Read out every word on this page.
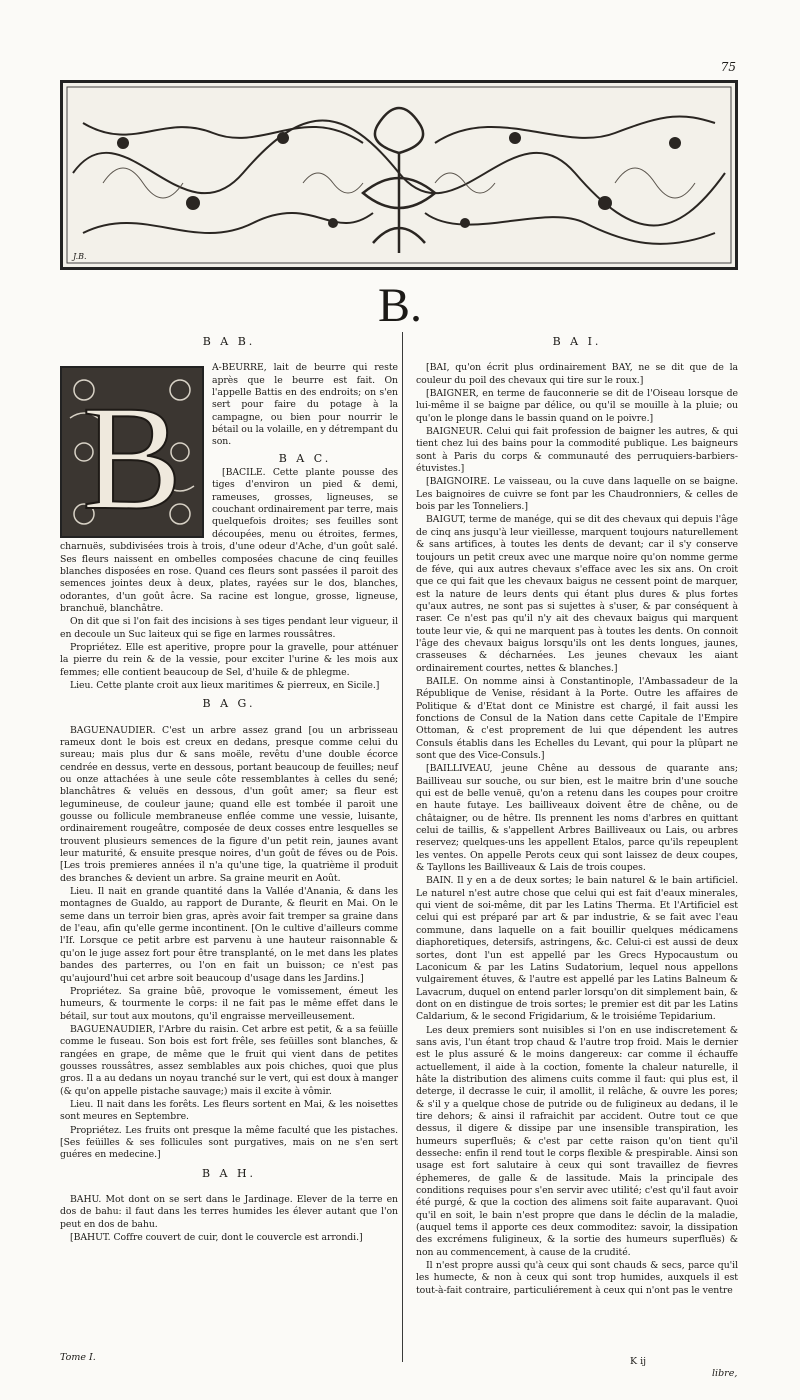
75
J.B.
B.
B A B.
B

A-BEURRE, lait de beurre qui reste après que le beurre est fait. On l'appelle Battis en des endroits; on s'en sert pour faire du potage à la campagne, ou bien pour nourrir le bétail ou la volaille, en y détrempant du son.

B A C.

[BACILE. Cette plante pousse des tiges d'environ un pied & demi, rameuses, grosses, ligneuses, se couchant ordinairement par terre, mais quelquefois droites; ses feuilles sont découpées, menu ou étroites, fermes, charnuës, subdivisées trois à trois, d'une odeur d'Ache, d'un goût salé. Ses fleurs naissent en ombelles composées chacune de cinq feuilles blanches disposées en rose. Quand ces fleurs sont passées il paroit des semences jointes deux à deux, plates, rayées sur le dos, blanches, odorantes, d'un goût âcre. Sa racine est longue, grosse, ligneuse, branchuë, blanchâtre.

On dit que si l'on fait des incisions à ses tiges pendant leur vigueur, il en decoule un Suc laiteux qui se fige en larmes roussâtres.

Propriétez. Elle est aperitive, propre pour la gravelle, pour atténuer la pierre du rein & de la vessie, pour exciter l'urine & les mois aux femmes; elle contient beaucoup de Sel, d'huile & de phlegme.

Lieu. Cette plante croit aux lieux maritimes & pierreux, en Sicile.]

B A G.

BAGUENAUDIER. C'est un arbre assez grand [ou un arbrisseau rameux dont le bois est creux en dedans, presque comme celui du sureau; mais plus dur & sans moële, revêtu d'une double écorce cendrée en dessus, verte en dessous, portant beaucoup de feuilles; neuf ou onze attachées à une seule côte ressemblantes à celles du sené; blanchâtres & veluës en dessous, d'un goût amer; sa fleur est legumineuse, de couleur jaune; quand elle est tombée il paroit une gousse ou follicule membraneuse enflée comme une vessie, luisante, ordinairement rougeâtre, composée de deux cosses entre lesquelles se trouvent plusieurs semences de la figure d'un petit rein, jaunes avant leur maturité, & ensuite presque noires, d'un goût de féves ou de Pois. [Les trois premieres années il n'a qu'une tige, la quatrième il produit des branches & devient un arbre. Sa graine meurit en Août.

Lieu. Il nait en grande quantité dans la Vallée d'Anania, & dans les montagnes de Gualdo, au rapport de Durante, & fleurit en Mai. On le seme dans un terroir bien gras, après avoir fait tremper sa graine dans de l'eau, afin qu'elle germe incontinent. [On le cultive d'ailleurs comme l'If. Lorsque ce petit arbre est parvenu à une hauteur raisonnable & qu'on le juge assez fort pour être transplanté, on le met dans les plates bandes des parterres, ou l'on en fait un buisson; ce n'est pas qu'aujourd'hui cet arbre soit beaucoup d'usage dans les Jardins.]

Propriétez. Sa graine bûë, provoque le vomissement, émeut les humeurs, & tourmente le corps: il ne fait pas le même effet dans le bétail, sur tout aux moutons, qu'il engraisse merveilleusement.

BAGUENAUDIER, l'Arbre du raisin. Cet arbre est petit, & a sa feüille comme le fuseau. Son bois est fort frêle, ses feüilles sont blanches, & rangées en grape, de même que le fruit qui vient dans de petites gousses roussâtres, assez semblables aux pois chiches, quoi que plus gros. Il a au dedans un noyau tranché sur le vert, qui est doux à manger (& qu'on appelle pistache sauvage;) mais il excite à vômir.

Lieu. Il nait dans les forêts. Les fleurs sortent en Mai, & les noisettes sont meures en Septembre.

Propriétez. Les fruits ont presque la même faculté que les pistaches. [Ses feüilles & ses follicules sont purgatives, mais on ne s'en sert guéres en medecine.]

B A H.

BAHU. Mot dont on se sert dans le Jardinage. Elever de la terre en dos de bahu: il faut dans les terres humides les élever autant que l'on peut en dos de bahu.

[BAHUT. Coffre couvert de cuir, dont le couvercle est arrondi.]

B A I.

[BAI, qu'on écrit plus ordinairement BAY, ne se dit que de la couleur du poil des chevaux qui tire sur le roux.]

[BAIGNER, en terme de fauconnerie se dit de l'Oiseau lorsque de lui-même il se baigne par délice, ou qu'il se mouille à la pluie; ou qu'on le plonge dans le bassin quand on le poivre.]

BAIGNEUR. Celui qui fait profession de baigner les autres, & qui tient chez lui des bains pour la commodité publique. Les baigneurs sont à Paris du corps & communauté des perruquiers-barbiers-étuvistes.]

[BAIGNOIRE. Le vaisseau, ou la cuve dans laquelle on se baigne. Les baignoires de cuivre se font par les Chaudronniers, & celles de bois par les Tonneliers.]

BAIGUT, terme de manége, qui se dit des chevaux qui depuis l'âge de cinq ans jusqu'à leur vieillesse, marquent toujours naturellement & sans artifices, à toutes les dents de devant; car il s'y conserve toujours un petit creux avec une marque noire qu'on nomme germe de féve, qui aux autres chevaux s'efface avec les six ans. On croit que ce qui fait que les chevaux baigus ne cessent point de marquer, est la nature de leurs dents qui étant plus dures & plus fortes qu'aux autres, ne sont pas si sujettes à s'user, & par conséquent à raser. Ce n'est pas qu'il n'y ait des chevaux baigus qui marquent toute leur vie, & qui ne marquent pas à toutes les dents. On connoit l'âge des chevaux baigus lorsqu'ils ont les dents longues, jaunes, crasseuses & décharnées. Les jeunes chevaux les aiant ordinairement courtes, nettes & blanches.]

BAILE. On nomme ainsi à Constantinople, l'Ambassadeur de la République de Venise, résidant à la Porte. Outre les affaires de Politique & d'Etat dont ce Ministre est chargé, il fait aussi les fonctions de Consul de la Nation dans cette Capitale de l'Empire Ottoman, & c'est proprement de lui que dépendent les autres Consuls établis dans les Echelles du Levant, qui pour la plûpart ne sont que des Vice-Consuls.]

[BAILLIVEAU, jeune Chêne au dessous de quarante ans; Bailliveau sur souche, ou sur bien, est le maitre brin d'une souche qui est de belle venuë, qu'on a retenu dans les coupes pour croitre en haute futaye. Les bailliveaux doivent être de chêne, ou de châtaigner, ou de hêtre. Ils prennent les noms d'arbres en quittant celui de taillis, & s'appellent Arbres Bailliveaux ou Lais, ou arbres reservez; quelques-uns les appellent Etalos, parce qu'ils repeuplent les ventes. On appelle Perots ceux qui sont laissez de deux coupes, & Tayllons les Bailliveaux & Lais de trois coupes.

BAIN. Il y en a de deux sortes; le bain naturel & le bain artificiel. Le naturel n'est autre chose que celui qui est fait d'eaux minerales, qui vient de soi-même, dit par les Latins Therma. Et l'Artificiel est celui qui est préparé par art & par industrie, & se fait avec l'eau commune, dans laquelle on a fait bouillir quelques médicamens diaphoretiques, detersifs, astringens, &c. Celui-ci est aussi de deux sortes, dont l'un est appellé par les Grecs Hypocaustum ou Laconicum & par les Latins Sudatorium, lequel nous appellons vulgairement étuves, & l'autre est appellé par les Latins Balneum & Lavacrum, duquel on entend parler lorsqu'on dit simplement bain, & dont on en distingue de trois sortes; le premier est dit par les Latins Caldarium, & le second Frigidarium, & le troisiéme Tepidarium.

Les deux premiers sont nuisibles si l'on en use indiscretement & sans avis, l'un étant trop chaud & l'autre trop froid. Mais le dernier est le plus assuré & le moins dangereux: car comme il échauffe actuellement, il aide à la coction, fomente la chaleur naturelle, il hâte la distribution des alimens cuits comme il faut: qui plus est, il deterge, il decrasse le cuir, il amollit, il relâche, & ouvre les pores; & s'il y a quelque chose de putride ou de fuligineux au dedans, il le tire dehors; & ainsi il rafraichit par accident. Outre tout ce que dessus, il digere & dissipe par une insensible transpiration, les humeurs superfluës; & c'est par cette raison qu'on tient qu'il desseche: enfin il rend tout le corps flexible & prespirable. Ainsi son usage est fort salutaire à ceux qui sont travaillez de fievres éphemeres, de galle & de lassitude. Mais la principale des conditions requises pour s'en servir avec utilité; c'est qu'il faut avoir été purgé, & que la coction des alimens soit faite auparavant. Quoi qu'il en soit, le bain n'est propre que dans le déclin de la maladie, (auquel tems il apporte ces deux commoditez: savoir, la dissipation des excrémens fuligineux, & la sortie des humeurs superfluës) & non au commencement, à cause de la crudité.

Il n'est propre aussi qu'à ceux qui sont chauds & secs, parce qu'il les humecte, & non à ceux qui sont trop humides, auxquels il est tout-à-fait contraire, particuliérement à ceux qui n'ont pas le ventre

Tome I.	K ij
libre,
